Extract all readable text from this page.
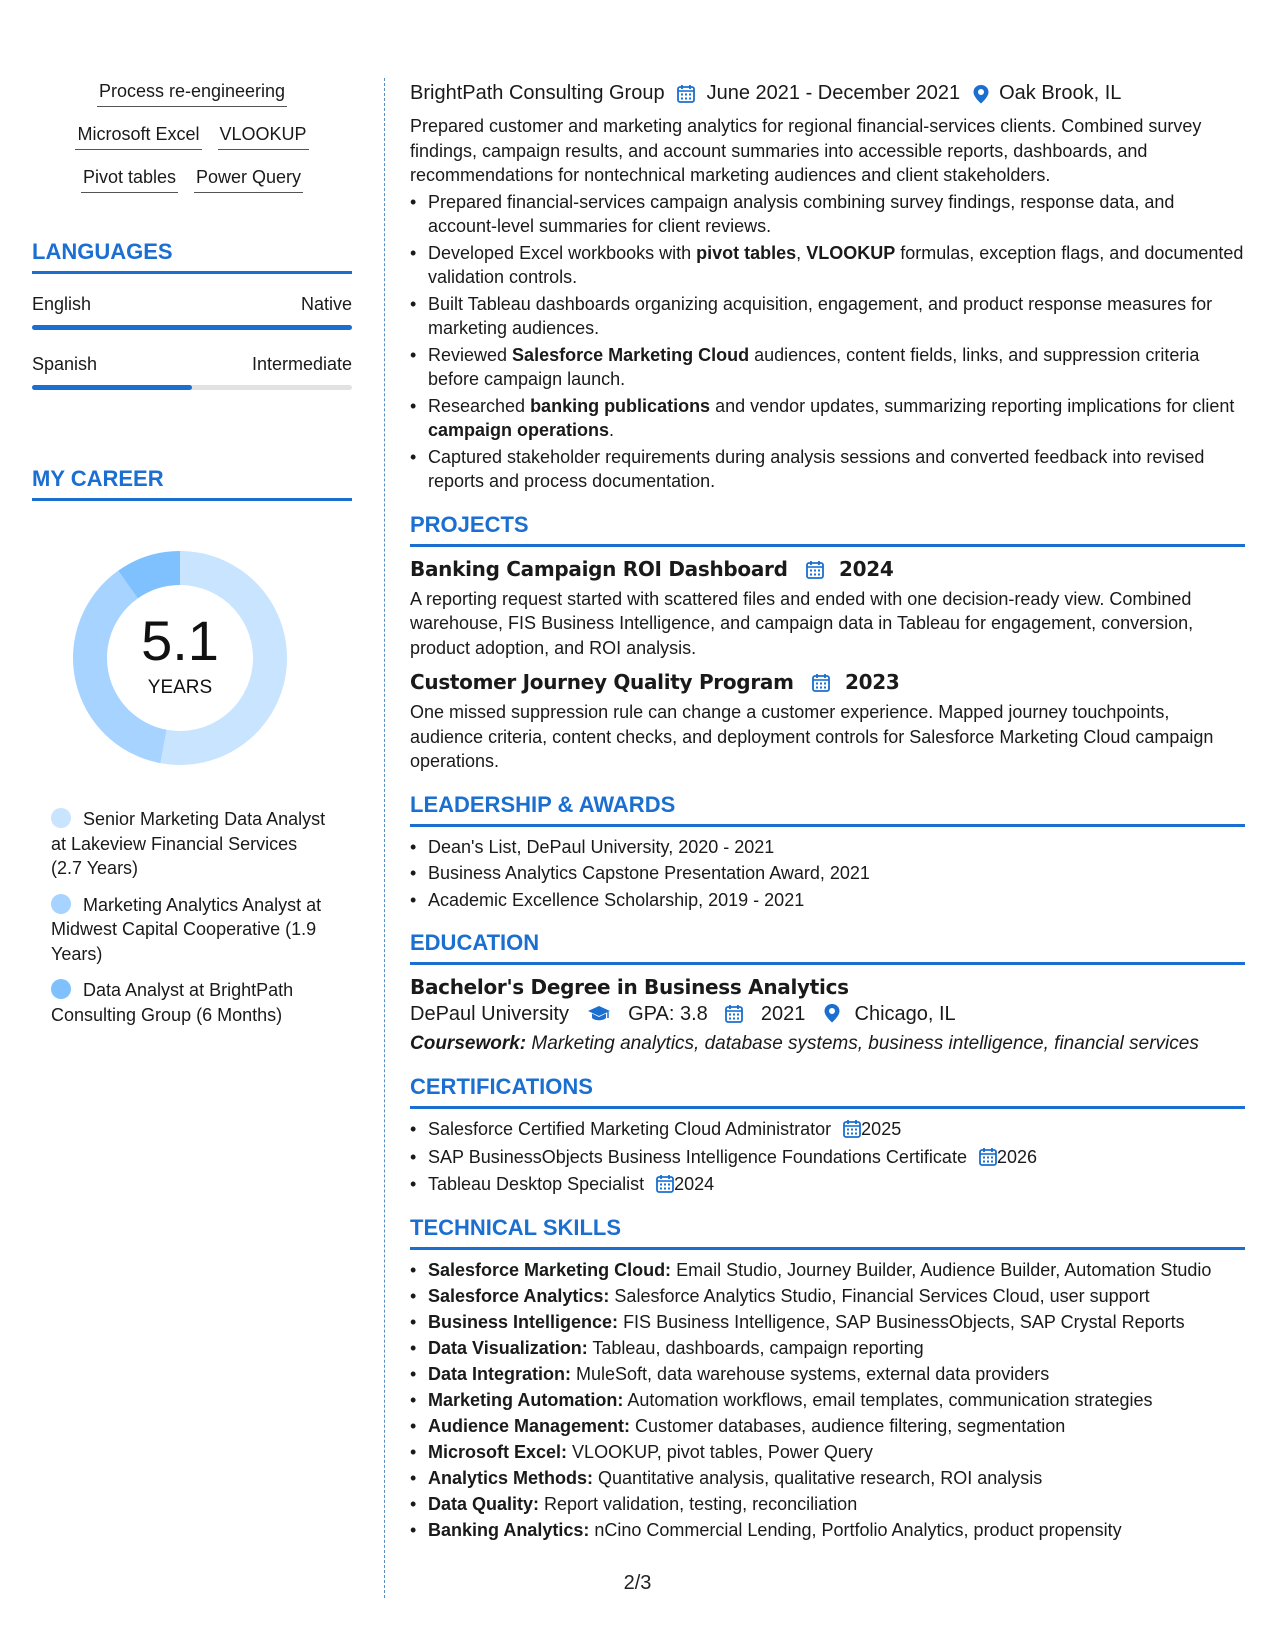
Process re-engineering
Microsoft Excel VLOOKUP
Pivot tables Power Query
LANGUAGES
English	Native
Spanish	Intermediate
MY CAREER
5.1
YEARS
Senior Marketing Data Analyst at Lakeview Financial Services (2.7 Years)
Marketing Analytics Analyst at Midwest Capital Cooperative (1.9 Years)
Data Analyst at BrightPath Consulting Group (6 Months)
BrightPath Consulting Group June 2021 - December 2021 Oak Brook, IL
Prepared customer and marketing analytics for regional financial-services clients. Combined survey findings, campaign results, and account summaries into accessible reports, dashboards, and recommendations for nontechnical marketing audiences and client stakeholders.
• Prepared financial-services campaign analysis combining survey findings, response data, and account-level summaries for client reviews.
• Developed Excel workbooks with pivot tables, VLOOKUP formulas, exception flags, and documented validation controls.
• Built Tableau dashboards organizing acquisition, engagement, and product response measures for marketing audiences.
• Reviewed Salesforce Marketing Cloud audiences, content fields, links, and suppression criteria before campaign launch.
• Researched banking publications and vendor updates, summarizing reporting implications for client campaign operations.
• Captured stakeholder requirements during analysis sessions and converted feedback into revised reports and process documentation.
PROJECTS
Banking Campaign ROI Dashboard	2024
A reporting request started with scattered files and ended with one decision-ready view. Combined warehouse, FIS Business Intelligence, and campaign data in Tableau for engagement, conversion, product adoption, and ROI analysis.
Customer Journey Quality Program	2023
One missed suppression rule can change a customer experience. Mapped journey touchpoints, audience criteria, content checks, and deployment controls for Salesforce Marketing Cloud campaign operations.
LEADERSHIP & AWARDS
• Dean's List, DePaul University, 2020 - 2021
• Business Analytics Capstone Presentation Award, 2021
• Academic Excellence Scholarship, 2019 - 2021
EDUCATION
Bachelor's Degree in Business Analytics
DePaul University	GPA: 3.8	2021 Chicago, IL
Coursework: Marketing analytics, database systems, business intelligence, financial services
CERTIFICATIONS
• Salesforce Certified Marketing Cloud Administrator 2025
• SAP BusinessObjects Business Intelligence Foundations Certificate 2026
• Tableau Desktop Specialist 2024
TECHNICAL SKILLS
• Salesforce Marketing Cloud: Email Studio, Journey Builder, Audience Builder, Automation Studio
• Salesforce Analytics: Salesforce Analytics Studio, Financial Services Cloud, user support
• Business Intelligence: FIS Business Intelligence, SAP BusinessObjects, SAP Crystal Reports
• Data Visualization: Tableau, dashboards, campaign reporting
• Data Integration: MuleSoft, data warehouse systems, external data providers
• Marketing Automation: Automation workflows, email templates, communication strategies
• Audience Management: Customer databases, audience filtering, segmentation
• Microsoft Excel: VLOOKUP, pivot tables, Power Query
• Analytics Methods: Quantitative analysis, qualitative research, ROI analysis
• Data Quality: Report validation, testing, reconciliation
• Banking Analytics: nCino Commercial Lending, Portfolio Analytics, product propensity
2/3
